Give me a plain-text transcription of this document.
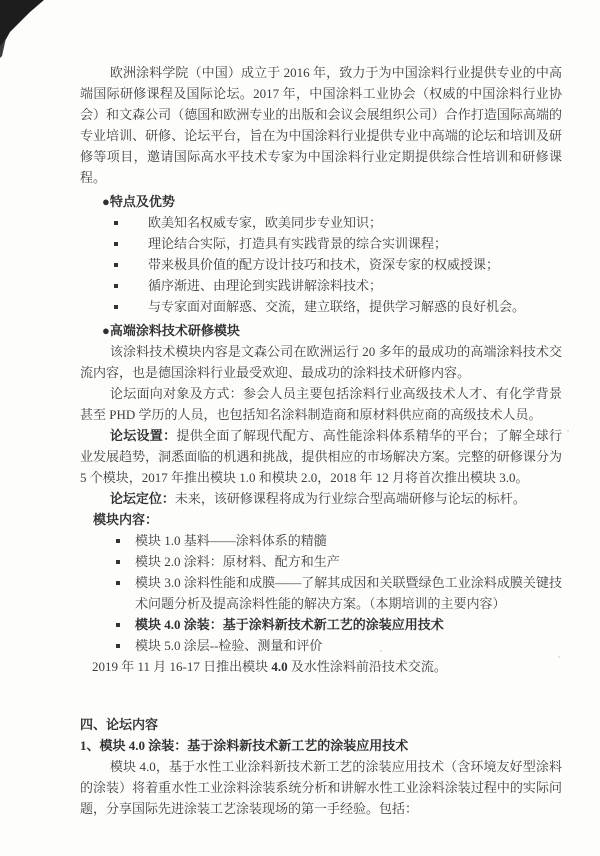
欧洲涂料学院（中国）成立于 2016 年，致力于为中国涂料行业提供专业的中高端国际研修课程及国际论坛。2017 年，中国涂料工业协会（权威的中国涂料行业协会）和文森公司（德国和欧洲专业的出版和会议会展组织公司）合作打造国际高端的专业培训、研修、论坛平台，旨在为中国涂料行业提供专业中高端的论坛和培训及研修等项目，邀请国际高水平技术专家为中国涂料行业定期提供综合性培训和研修课程。

●特点及优势

欧美知名权威专家，欧美同步专业知识；
理论结合实际，打造具有实践背景的综合实训课程；
带来极具价值的配方设计技巧和技术，资深专家的权威授课；
循序渐进、由理论到实践讲解涂料技术；
与专家面对面解惑、交流，建立联络，提供学习解惑的良好机会。

●高端涂料技术研修模块

该涂料技术模块内容是文森公司在欧洲运行 20 多年的最成功的高端涂料技术交流内容，也是德国涂料行业最受欢迎、最成功的涂料技术研修内容。

论坛面向对象及方式：参会人员主要包括涂料行业高级技术人才、有化学背景甚至 PHD 学历的人员，也包括知名涂料制造商和原材料供应商的高级技术人员。

论坛设置：提供全面了解现代配方、高性能涂料体系精华的平台；了解全球行业发展趋势，洞悉面临的机遇和挑战，提供相应的市场解决方案。完整的研修课分为 5 个模块，2017 年推出模块 1.0 和模块 2.0，2018 年 12 月将首次推出模块 3.0。

论坛定位：未来，该研修课程将成为行业综合型高端研修与论坛的标杆。

模块内容：

模块 1.0 基料——涂料体系的精髓
模块 2.0 涂料：原材料、配方和生产
模块 3.0 涂料性能和成膜——了解其成因和关联暨绿色工业涂料成膜关键技术问题分析及提高涂料性能的解决方案。（本期培训的主要内容）
模块 4.0 涂装：基于涂料新技术新工艺的涂装应用技术
模块 5.0 涂层--检验、测量和评价

2019 年 11 月 16-17 日推出模块 4.0 及水性涂料前沿技术交流。

四、论坛内容

1、模块 4.0 涂装：基于涂料新技术新工艺的涂装应用技术

模块 4.0，基于水性工业涂料新技术新工艺的涂装应用技术（含环境友好型涂料的涂装）将着重水性工业涂料涂装系统分析和讲解水性工业涂料涂装过程中的实际问题，分享国际先进涂装工艺涂装现场的第一手经验。包括：
